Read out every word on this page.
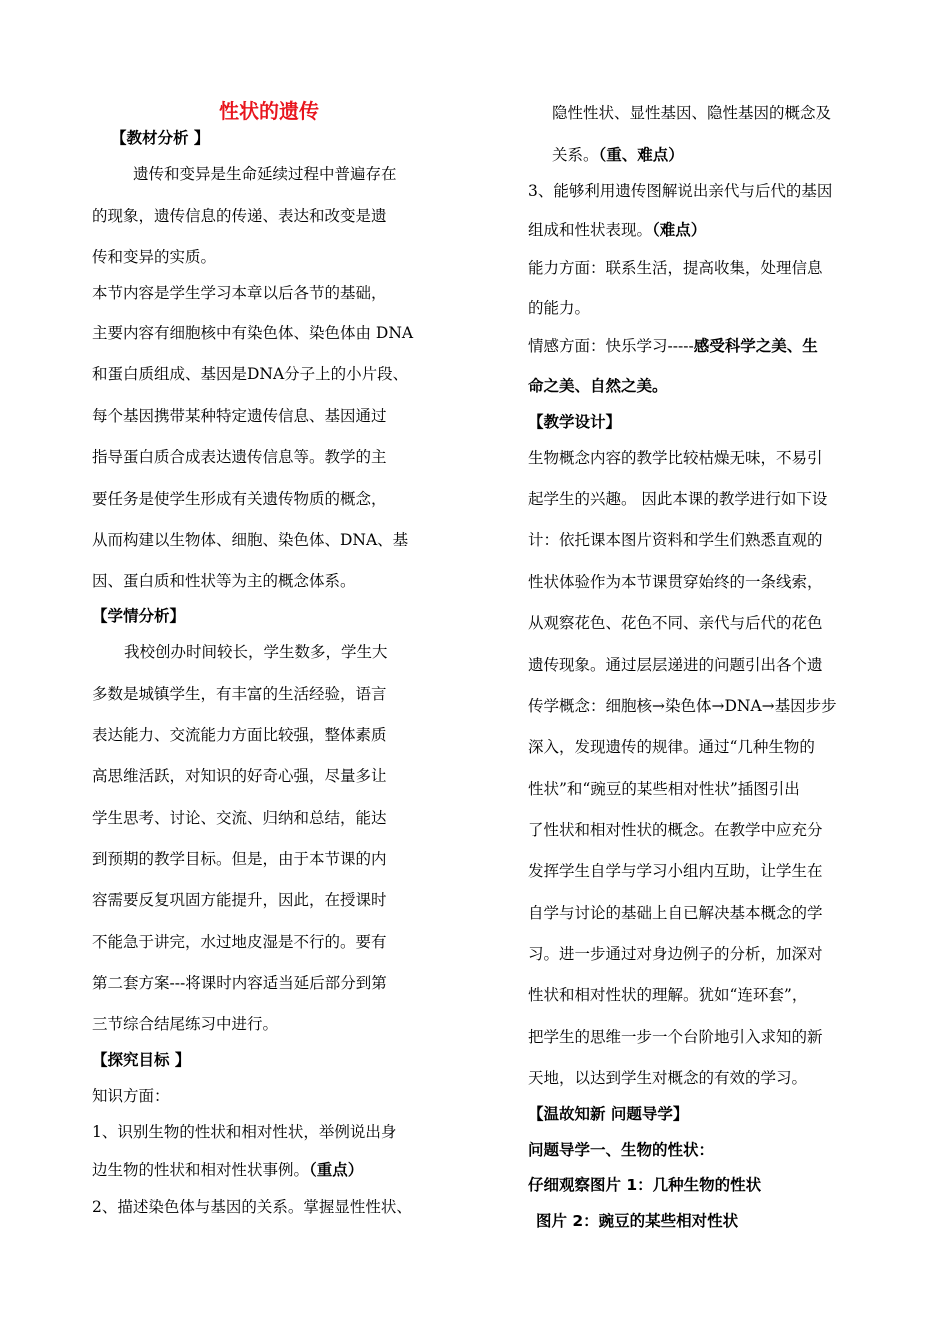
性状的遗传
【教材分析 】
遗传和变异是生命延续过程中普遍存在
的现象，遗传信息的传递、表达和改变是遗
传和变异的实质。
本节内容是学生学习本章以后各节的基础，
主要内容有细胞核中有染色体、染色体由 DNA
和蛋白质组成、基因是DNA分子上的小片段、
每个基因携带某种特定遗传信息、基因通过
指导蛋白质合成表达遗传信息等。教学的主
要任务是使学生形成有关遗传物质的概念，
从而构建以生物体、细胞、染色体、DNA、基
因、蛋白质和性状等为主的概念体系。
【学情分析】
我校创办时间较长，学生数多，学生大
多数是城镇学生，有丰富的生活经验，语言
表达能力、交流能力方面比较强，整体素质
高思维活跃，对知识的好奇心强，尽量多让
学生思考、讨论、交流、归纳和总结，能达
到预期的教学目标。但是，由于本节课的内
容需要反复巩固方能提升，因此，在授课时
不能急于讲完，水过地皮湿是不行的。要有
第二套方案---将课时内容适当延后部分到第
三节综合结尾练习中进行。
【探究目标 】
知识方面：
1、识别生物的性状和相对性状，举例说出身
边生物的性状和相对性状事例。（重点）
2、描述染色体与基因的关系。掌握显性性状、
隐性性状、显性基因、隐性基因的概念及
关系。（重、难点）
3、能够利用遗传图解说出亲代与后代的基因
组成和性状表现。（难点）
能力方面：联系生活，提高收集，处理信息
的能力。
情感方面：快乐学习-----感受科学之美、生
命之美、自然之美。
【教学设计】
生物概念内容的教学比较枯燥无味，不易引
起学生的兴趣。 因此本课的教学进行如下设
计：依托课本图片资料和学生们熟悉直观的
性状体验作为本节课贯穿始终的一条线索，
从观察花色、花色不同、亲代与后代的花色
遗传现象。通过层层递进的问题引出各个遗
传学概念：细胞核→染色体→DNA→基因步步
深入，发现遗传的规律。通过“几种生物的
性状”和“豌豆的某些相对性状”插图引出
了性状和相对性状的概念。在教学中应充分
发挥学生自学与学习小组内互助，让学生在
自学与讨论的基础上自已解决基本概念的学
习。进一步通过对身边例子的分析，加深对
性状和相对性状的理解。犹如“连环套”，
把学生的思维一步一个台阶地引入求知的新
天地，以达到学生对概念的有效的学习。
【温故知新 问题导学】
问题导学一、生物的性状：
仔细观察图片 1：几种生物的性状
图片 2：豌豆的某些相对性状
